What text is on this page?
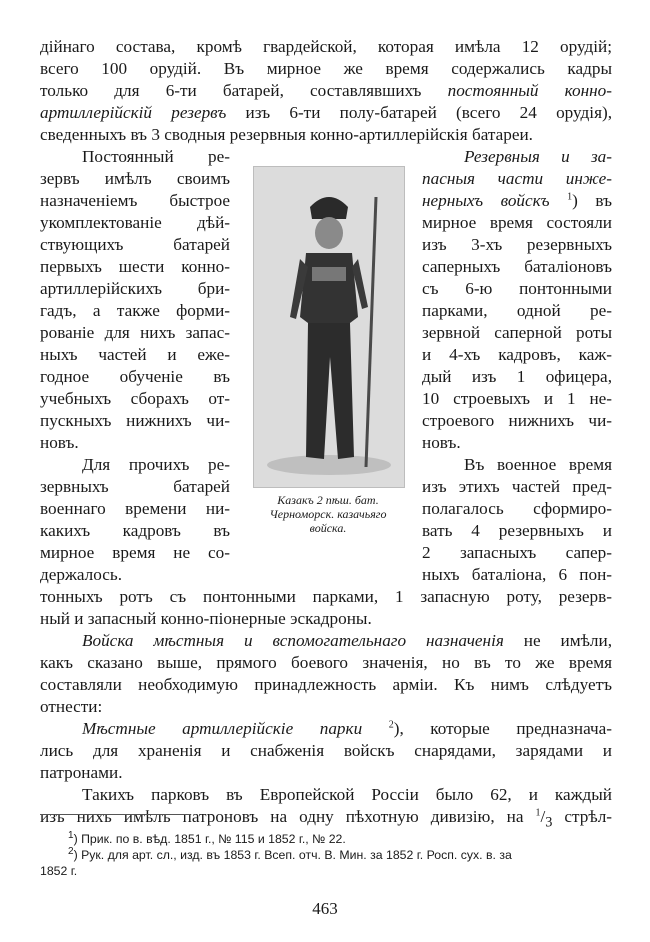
дійнаго состава, кромѣ гвардейской, которая имѣла 12 орудій;
всего 100 орудій. Въ мирное же время содержались кадры
только для 6-ти батарей, составлявшихъ постоянный конно-
артиллерійскій резервъ изъ 6-ти полу-батарей (всего 24 орудія),
сведенныхъ въ 3 сводныя резервныя конно-артиллерійскія батареи.
Постоянный ре-
зервъ имѣлъ своимъ
назначеніемъ быстрое
укомплектованіе дѣй-
ствующихъ батарей
первыхъ шести конно-
артиллерійскихъ бри-
гадъ, а также форми-
рованіе для нихъ запас-
ныхъ частей и еже-
годное обученіе въ
учебныхъ сборахъ от-
пускныхъ нижнихъ чи-
новъ.
Для прочихъ ре-
зервныхъ батарей
военнаго времени ни-
какихъ кадровъ въ
мирное время не со-
держалось.
Казакъ 2 пѣш. бат.
Черноморск. казачьяго
войска.
Резервныя и за-
пасныя части инже-
нерныхъ войскъ $^1$) въ
мирное время состояли
изъ 3-хъ резервныхъ
саперныхъ баталіоновъ
съ 6-ю понтонными
парками, одной ре-
зервной саперной роты
и 4-хъ кадровъ, каж-
дый изъ 1 офицера,
10 строевыхъ и 1 не-
строевого нижнихъ чи-
новъ.
Въ военное время
изъ этихъ частей пред-
полагалось сформиро-
вать 4 резервныхъ и
2 запасныхъ сапер-
ныхъ баталіона, 6 пон-
тонныхъ ротъ съ понтонными парками, 1 запасную роту, резерв-
ный и запасный конно-піонерные эскадроны.
Войска мѣстныя и вспомогательнаго назначенія не имѣли,
какъ сказано выше, прямого боевого значенія, но въ то же время
составляли необходимую принадлежность арміи. Къ нимъ слѣдуетъ
отнести:
Мѣстные артиллерійскіе парки	$^2$), которые предназнача-
лись для храненія и снабженія войскъ снарядами, зарядами и
патронами.
Такихъ парковъ въ Европейской Россіи было 62, и каждый
изъ нихъ имѣлъ патроновъ на одну пѣхотную дивизію, на $^1/_3$ стрѣл-
$^1$) Прик. по в. вѣд. 1851 г., № 115 и 1852 г., № 22.
$^2$) Рук. для арт. сл., изд. въ 1853 г. Всеп. отч. В. Мин. за 1852 г. Росп. сух. в. за
1852 г.
463
